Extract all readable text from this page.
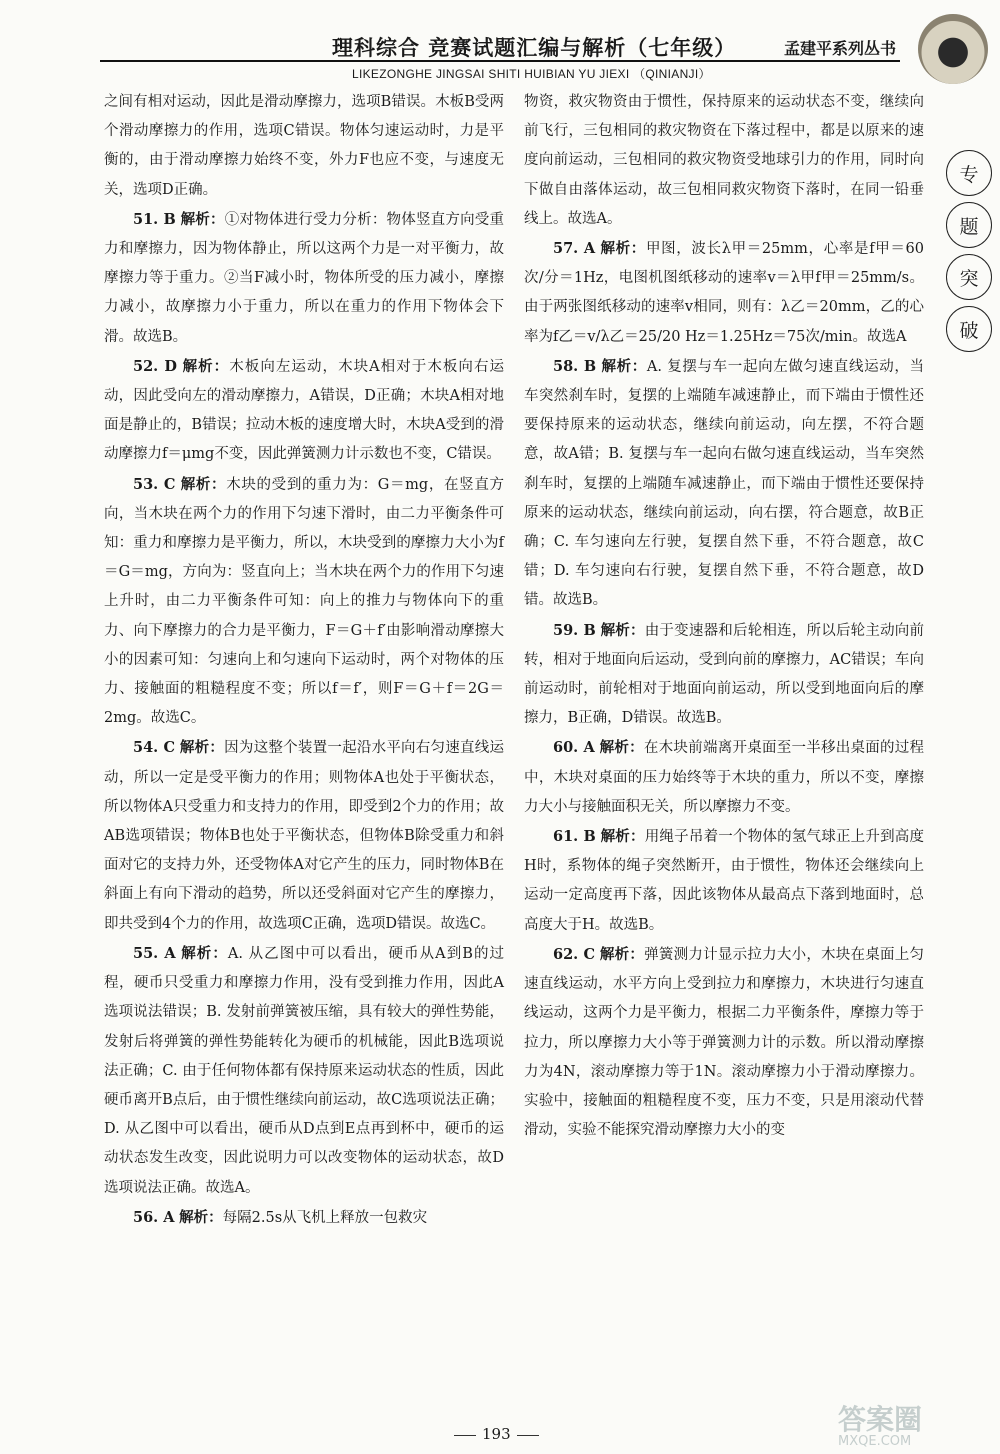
理科综合 竞赛试题汇编与解析（七年级）	孟建平系列丛书
LIKEZONGHE JINGSAI SHITI HUIBIAN YU JIEXI （QINIANJI）
专
题
突
破

之间有相对运动，因此是滑动摩擦力，选项B错误。木板B受两个滑动摩擦力的作用，选项C错误。物体匀速运动时，力是平衡的，由于滑动摩擦力始终不变，外力F也应不变，与速度无关，选项D正确。

51. B 解析：①对物体进行受力分析：物体竖直方向受重力和摩擦力，因为物体静止，所以这两个力是一对平衡力，故摩擦力等于重力。②当F减小时，物体所受的压力减小，摩擦力减小，故摩擦力小于重力，所以在重力的作用下物体会下滑。故选B。

52. D 解析：木板向左运动，木块A相对于木板向右运动，因此受向左的滑动摩擦力，A错误，D正确；木块A相对地面是静止的，B错误；拉动木板的速度增大时，木块A受到的滑动摩擦力f＝μmg不变，因此弹簧测力计示数也不变，C错误。

53. C 解析：木块的受到的重力为：G＝mg，在竖直方向，当木块在两个力的作用下匀速下滑时，由二力平衡条件可知：重力和摩擦力是平衡力，所以，木块受到的摩擦力大小为f＝G＝mg，方向为：竖直向上；当木块在两个力的作用下匀速上升时，由二力平衡条件可知：向上的推力与物体向下的重力、向下摩擦力的合力是平衡力，F＝G＋f′由影响滑动摩擦大小的因素可知：匀速向上和匀速向下运动时，两个对物体的压力、接触面的粗糙程度不变；所以f＝f′，则F＝G＋f＝2G＝2mg。故选C。

54. C 解析：因为这整个装置一起沿水平向右匀速直线运动，所以一定是受平衡力的作用；则物体A也处于平衡状态，所以物体A只受重力和支持力的作用，即受到2个力的作用；故AB选项错误；物体B也处于平衡状态，但物体B除受重力和斜面对它的支持力外，还受物体A对它产生的压力，同时物体B在斜面上有向下滑动的趋势，所以还受斜面对它产生的摩擦力，即共受到4个力的作用，故选项C正确，选项D错误。故选C。

55. A 解析：A. 从乙图中可以看出，硬币从A到B的过程，硬币只受重力和摩擦力作用，没有受到推力作用，因此A选项说法错误；B. 发射前弹簧被压缩，具有较大的弹性势能，发射后将弹簧的弹性势能转化为硬币的机械能，因此B选项说法正确；C. 由于任何物体都有保持原来运动状态的性质，因此硬币离开B点后，由于惯性继续向前运动，故C选项说法正确；D. 从乙图中可以看出，硬币从D点到E点再到杯中，硬币的运动状态发生改变，因此说明力可以改变物体的运动状态，故D选项说法正确。故选A。

56. A 解析：每隔2.5s从飞机上释放一包救灾

物资，救灾物资由于惯性，保持原来的运动状态不变，继续向前飞行，三包相同的救灾物资在下落过程中，都是以原来的速度向前运动，三包相同的救灾物资受地球引力的作用，同时向下做自由落体运动，故三包相同救灾物资下落时，在同一铅垂线上。故选A。

57. A 解析：甲图，波长λ甲＝25mm，心率是f甲＝60次/分＝1Hz，电图机图纸移动的速率v＝λ甲f甲＝25mm/s。由于两张图纸移动的速率v相同，则有：λ乙＝20mm，乙的心率为f乙＝v/λ乙＝25/20 Hz＝1.25Hz＝75次/min。故选A

58. B 解析：A. 复摆与车一起向左做匀速直线运动，当车突然刹车时，复摆的上端随车减速静止，而下端由于惯性还要保持原来的运动状态，继续向前运动，向左摆，不符合题意，故A错；B. 复摆与车一起向右做匀速直线运动，当车突然刹车时，复摆的上端随车减速静止，而下端由于惯性还要保持原来的运动状态，继续向前运动，向右摆，符合题意，故B正确；C. 车匀速向左行驶，复摆自然下垂，不符合题意，故C错；D. 车匀速向右行驶，复摆自然下垂，不符合题意，故D错。故选B。

59. B 解析：由于变速器和后轮相连，所以后轮主动向前转，相对于地面向后运动，受到向前的摩擦力，AC错误；车向前运动时，前轮相对于地面向前运动，所以受到地面向后的摩擦力，B正确，D错误。故选B。

60. A 解析：在木块前端离开桌面至一半移出桌面的过程中，木块对桌面的压力始终等于木块的重力，所以不变，摩擦力大小与接触面积无关，所以摩擦力不变。

61. B 解析：用绳子吊着一个物体的氢气球正上升到高度H时，系物体的绳子突然断开，由于惯性，物体还会继续向上运动一定高度再下落，因此该物体从最高点下落到地面时，总高度大于H。故选B。

62. C 解析：弹簧测力计显示拉力大小，木块在桌面上匀速直线运动，水平方向上受到拉力和摩擦力，木块进行匀速直线运动，这两个力是平衡力，根据二力平衡条件，摩擦力等于拉力，所以摩擦力大小等于弹簧测力计的示数。所以滑动摩擦力为4N，滚动摩擦力等于1N。滚动摩擦力小于滑动摩擦力。实验中，接触面的粗糙程度不变，压力不变，只是用滚动代替滑动，实验不能探究滑动摩擦力大小的变

193	答案圈
MXQE.COM
